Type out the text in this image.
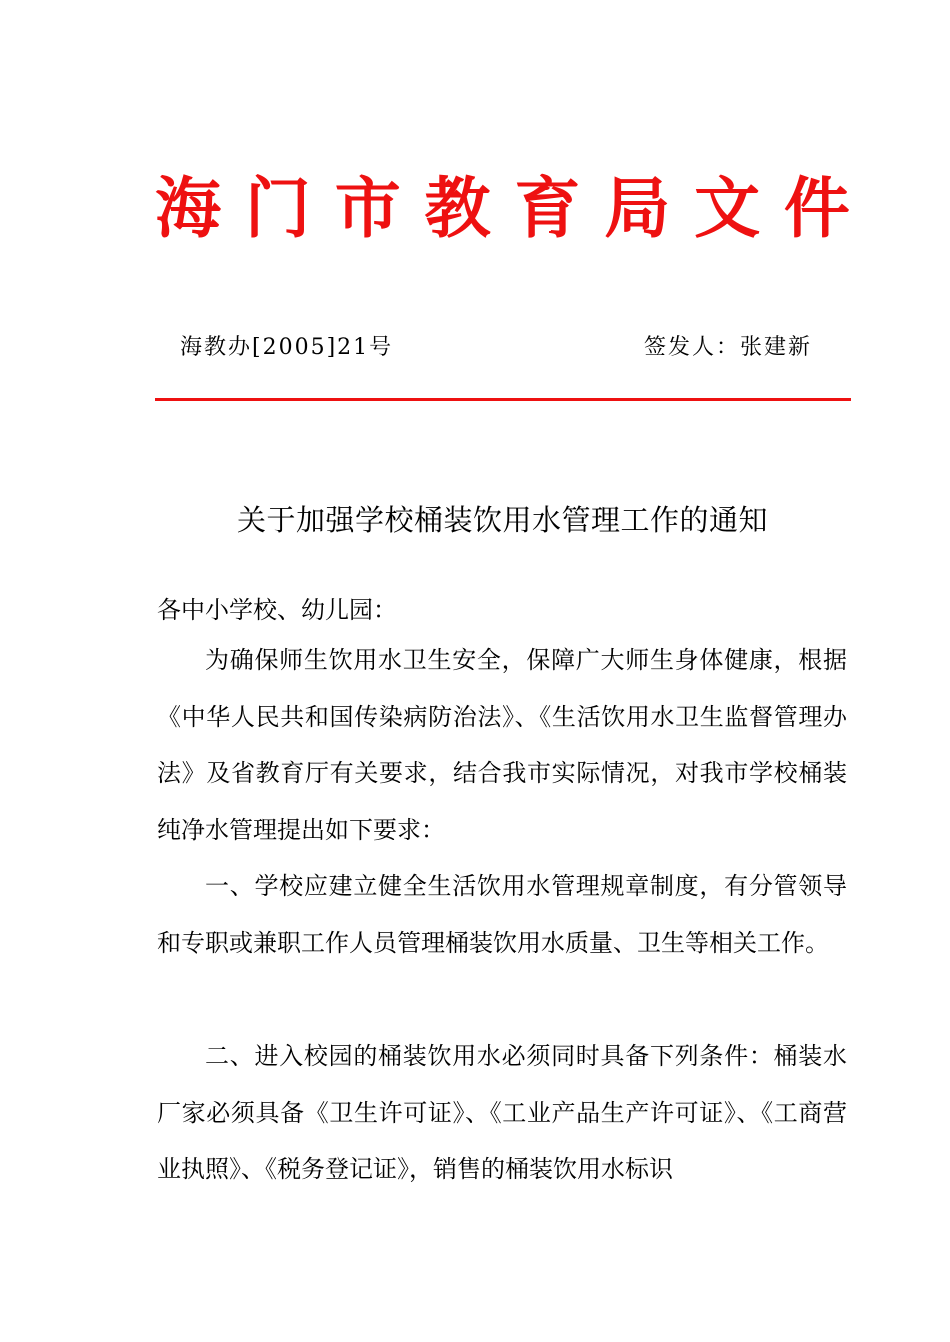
海 门 市 教 育 局 文 件
海教办[2005]21号	签发人：张建新
关于加强学校桶装饮用水管理工作的通知
各中小学校、幼儿园：
为确保师生饮用水卫生安全，保障广大师生身体健康，根据《中华人民共和国传染病防治法》、《生活饮用水卫生监督管理办法》及省教育厅有关要求，结合我市实际情况，对我市学校桶装纯净水管理提出如下要求：
一、学校应建立健全生活饮用水管理规章制度，有分管领导和专职或兼职工作人员管理桶装饮用水质量、卫生等相关工作。
二、进入校园的桶装饮用水必须同时具备下列条件：桶装水厂家必须具备《卫生许可证》、《工业产品生产许可证》、《工商营业执照》、《税务登记证》，销售的桶装饮用水标识
